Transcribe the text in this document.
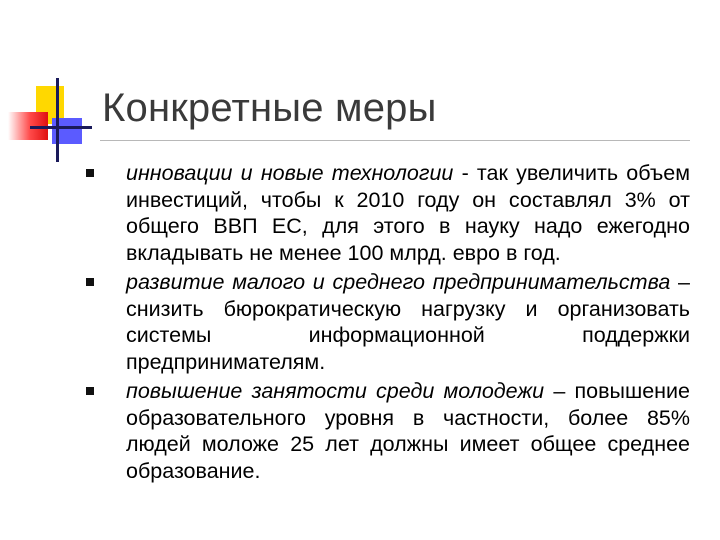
Конкретные меры
инновации и новые технологии - так увеличить объем инвестиций, чтобы к 2010 году он составлял 3% от общего ВВП ЕС, для этого в науку надо ежегодно вкладывать не менее 100 млрд. евро в год.
развитие малого и среднего предпринимательства – снизить бюрократическую нагрузку и организовать системы информационной поддержки предпринимателям.
повышение занятости среди молодежи – повышение образовательного уровня в частности, более 85% людей моложе 25 лет должны имеет общее среднее образование.
